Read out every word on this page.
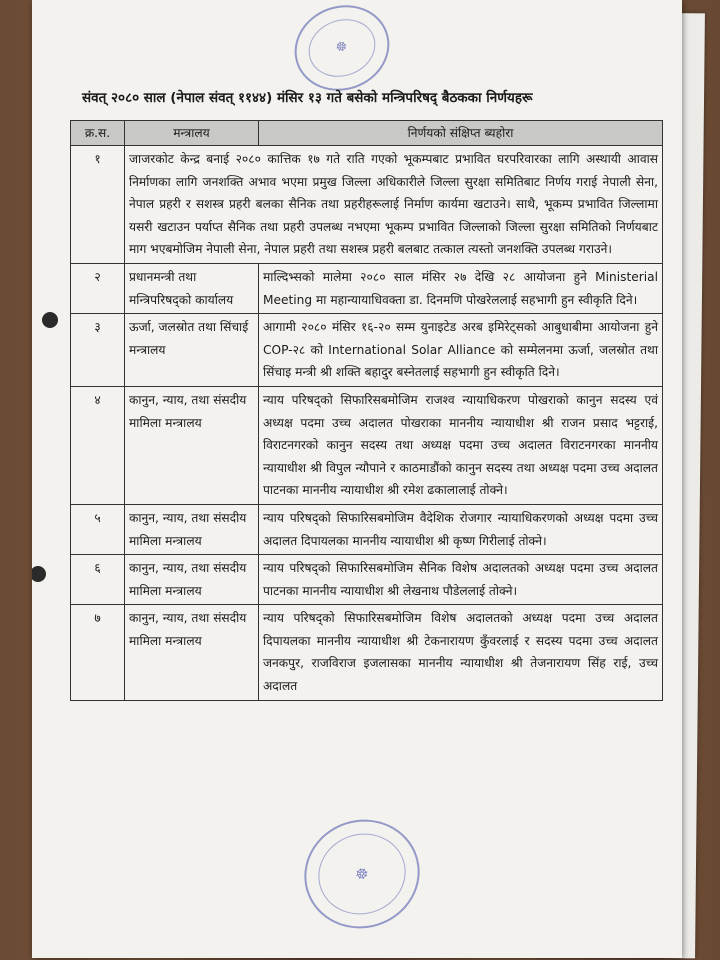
☸
☸
संवत् २०८० साल (नेपाल संवत् ११४४) मंसिर १३ गते बसेको मन्त्रिपरिषद् बैठकका निर्णयहरू
क्र.स.	मन्त्रालय	निर्णयको संक्षिप्त ब्यहोरा
१	जाजरकोट केन्द्र बनाई २०८० कात्तिक १७ गते राति गएको भूकम्पबाट प्रभावित घरपरिवारका लागि अस्थायी आवास निर्माणका लागि जनशक्ति अभाव भएमा प्रमुख जिल्ला अधिकारीले जिल्ला सुरक्षा समितिबाट निर्णय गराई नेपाली सेना, नेपाल प्रहरी र सशस्त्र प्रहरी बलका सैनिक तथा प्रहरीहरूलाई निर्माण कार्यमा खटाउने। साथै, भूकम्प प्रभावित जिल्लामा यसरी खटाउन पर्याप्त सैनिक तथा प्रहरी उपलब्ध नभएमा भूकम्प प्रभावित जिल्लाको जिल्ला सुरक्षा समितिको निर्णयबाट माग भएबमोजिम नेपाली सेना, नेपाल प्रहरी तथा सशस्त्र प्रहरी बलबाट तत्काल त्यस्तो जनशक्ति उपलब्ध गराउने।	
२	प्रधानमन्त्री तथा मन्त्रिपरिषद्को कार्यालय	माल्दिभ्सको मालेमा २०८० साल मंसिर २७ देखि २८ आयोजना हुने Ministerial Meeting मा महान्यायाधिवक्ता डा. दिनमणि पोखरेललाई सहभागी हुन स्वीकृति दिने।
३	ऊर्जा, जलस्रोत तथा सिंचाई मन्त्रालय	आगामी २०८० मंसिर १६-२० सम्म युनाइटेड अरब इमिरेट्सको आबुधाबीमा आयोजना हुने COP-२८ को International Solar Alliance को सम्मेलनमा ऊर्जा, जलस्रोत तथा सिंचाइ मन्त्री श्री शक्ति बहादुर बस्नेतलाई सहभागी हुन स्वीकृति दिने।
४	कानुन, न्याय, तथा संसदीय मामिला मन्त्रालय	न्याय परिषद्को सिफारिसबमोजिम राजश्व न्यायाधिकरण पोखराको कानुन सदस्य एवं अध्यक्ष पदमा उच्च अदालत पोखराका माननीय न्यायाधीश श्री राजन प्रसाद भट्टराई, विराटनगरको कानुन सदस्य तथा अध्यक्ष पदमा उच्च अदालत विराटनगरका माननीय न्यायाधीश श्री विपुल न्यौपाने र काठमाडौंको कानुन सदस्य तथा अध्यक्ष पदमा उच्च अदालत पाटनका माननीय न्यायाधीश श्री रमेश ढकालालाई तोक्ने।
५	कानुन, न्याय, तथा संसदीय मामिला मन्त्रालय	न्याय परिषद्को सिफारिसबमोजिम वैदेशिक रोजगार न्यायाधिकरणको अध्यक्ष पदमा उच्च अदालत दिपायलका माननीय न्यायाधीश श्री कृष्ण गिरीलाई तोक्ने।
६	कानुन, न्याय, तथा संसदीय मामिला मन्त्रालय	न्याय परिषद्को सिफारिसबमोजिम सैनिक विशेष अदालतको अध्यक्ष पदमा उच्च अदालत पाटनका माननीय न्यायाधीश श्री लेखनाथ पौडेललाई तोक्ने।
७	कानुन, न्याय, तथा संसदीय मामिला मन्त्रालय	न्याय परिषद्को सिफारिसबमोजिम विशेष अदालतको अध्यक्ष पदमा उच्च अदालत दिपायलका माननीय न्यायाधीश श्री टेकनारायण कुँवरलाई र सदस्य पदमा उच्च अदालत जनकपुर, राजविराज इजलासका माननीय न्यायाधीश श्री तेजनारायण सिंह राई, उच्च अदालत
